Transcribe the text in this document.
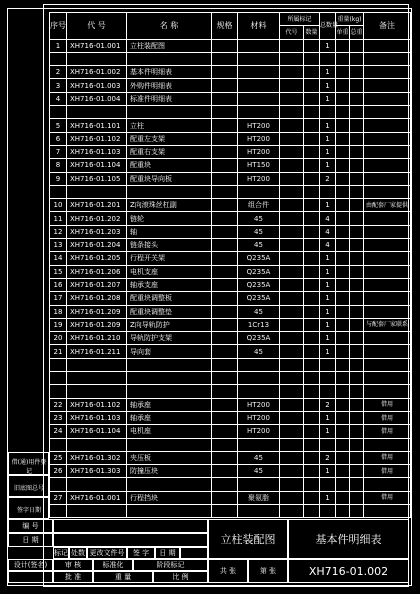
序号	代 号	名 称	规格	材料	所属标记		总数量	重量(kg)		备注
					代号	数量		单重	总重	
1	XH716-01.001	立柱装配图					1			

2	XH716-01.002	基本件明细表					1			
3	XH716-01.003	外购件明细表					1			
4	XH716-01.004	标准件明细表					1			

5	XH716-01.101	立柱		HT200			1			
6	XH716-01.102	配重左支架		HT200			1			
7	XH716-01.103	配重右支架		HT200			1			
8	XH716-01.104	配重块		HT150			1			
9	XH716-01.105	配重块导向板		HT200			2			

10	XH716-01.201	Z向滚珠丝杠副		组合件			1			由配套厂家提供
11	XH716-01.202	链轮		45			4			
12	XH716-01.203	轴		45			4			
13	XH716-01.204	链条接头		45			4			
14	XH716-01.205	行程开关架		Q235A			1			
15	XH716-01.206	电机支座		Q235A			1			
16	XH716-01.207	轴承支座		Q235A			1			
17	XH716-01.208	配重块调整板		Q235A			1			
18	XH716-01.209	配重块调整垫		45			1			
19	XH716-01.209	Z向导轨防护		1Cr13			1			与配套厂家联系
20	XH716-01.210	导轨防护支架		Q235A			1			
21	XH716-01.211	导向套		45			1			

22	XH716-01.102	轴承座		HT200			2			借用
23	XH716-01.103	轴承座		HT200			1			借用
24	XH716-01.104	电机座		HT200			1			借用

25	XH716-01.302	夹压板		45			2			借用
26	XH716-01.303	防撞压块		45			1			借用

27	XH716-01.001	行程挡块		聚氨脂			1			借用

借(通)用件登记
旧底图总号
签字日期
编 号
日 期
标记 处数 更改文件号	签 字	日 期
设计(签名)	审 核	标准化	阶段标记
批 准	重 量	比 例
立柱装配图
共 张	第 张
基本件明细表
XH716-01.002
